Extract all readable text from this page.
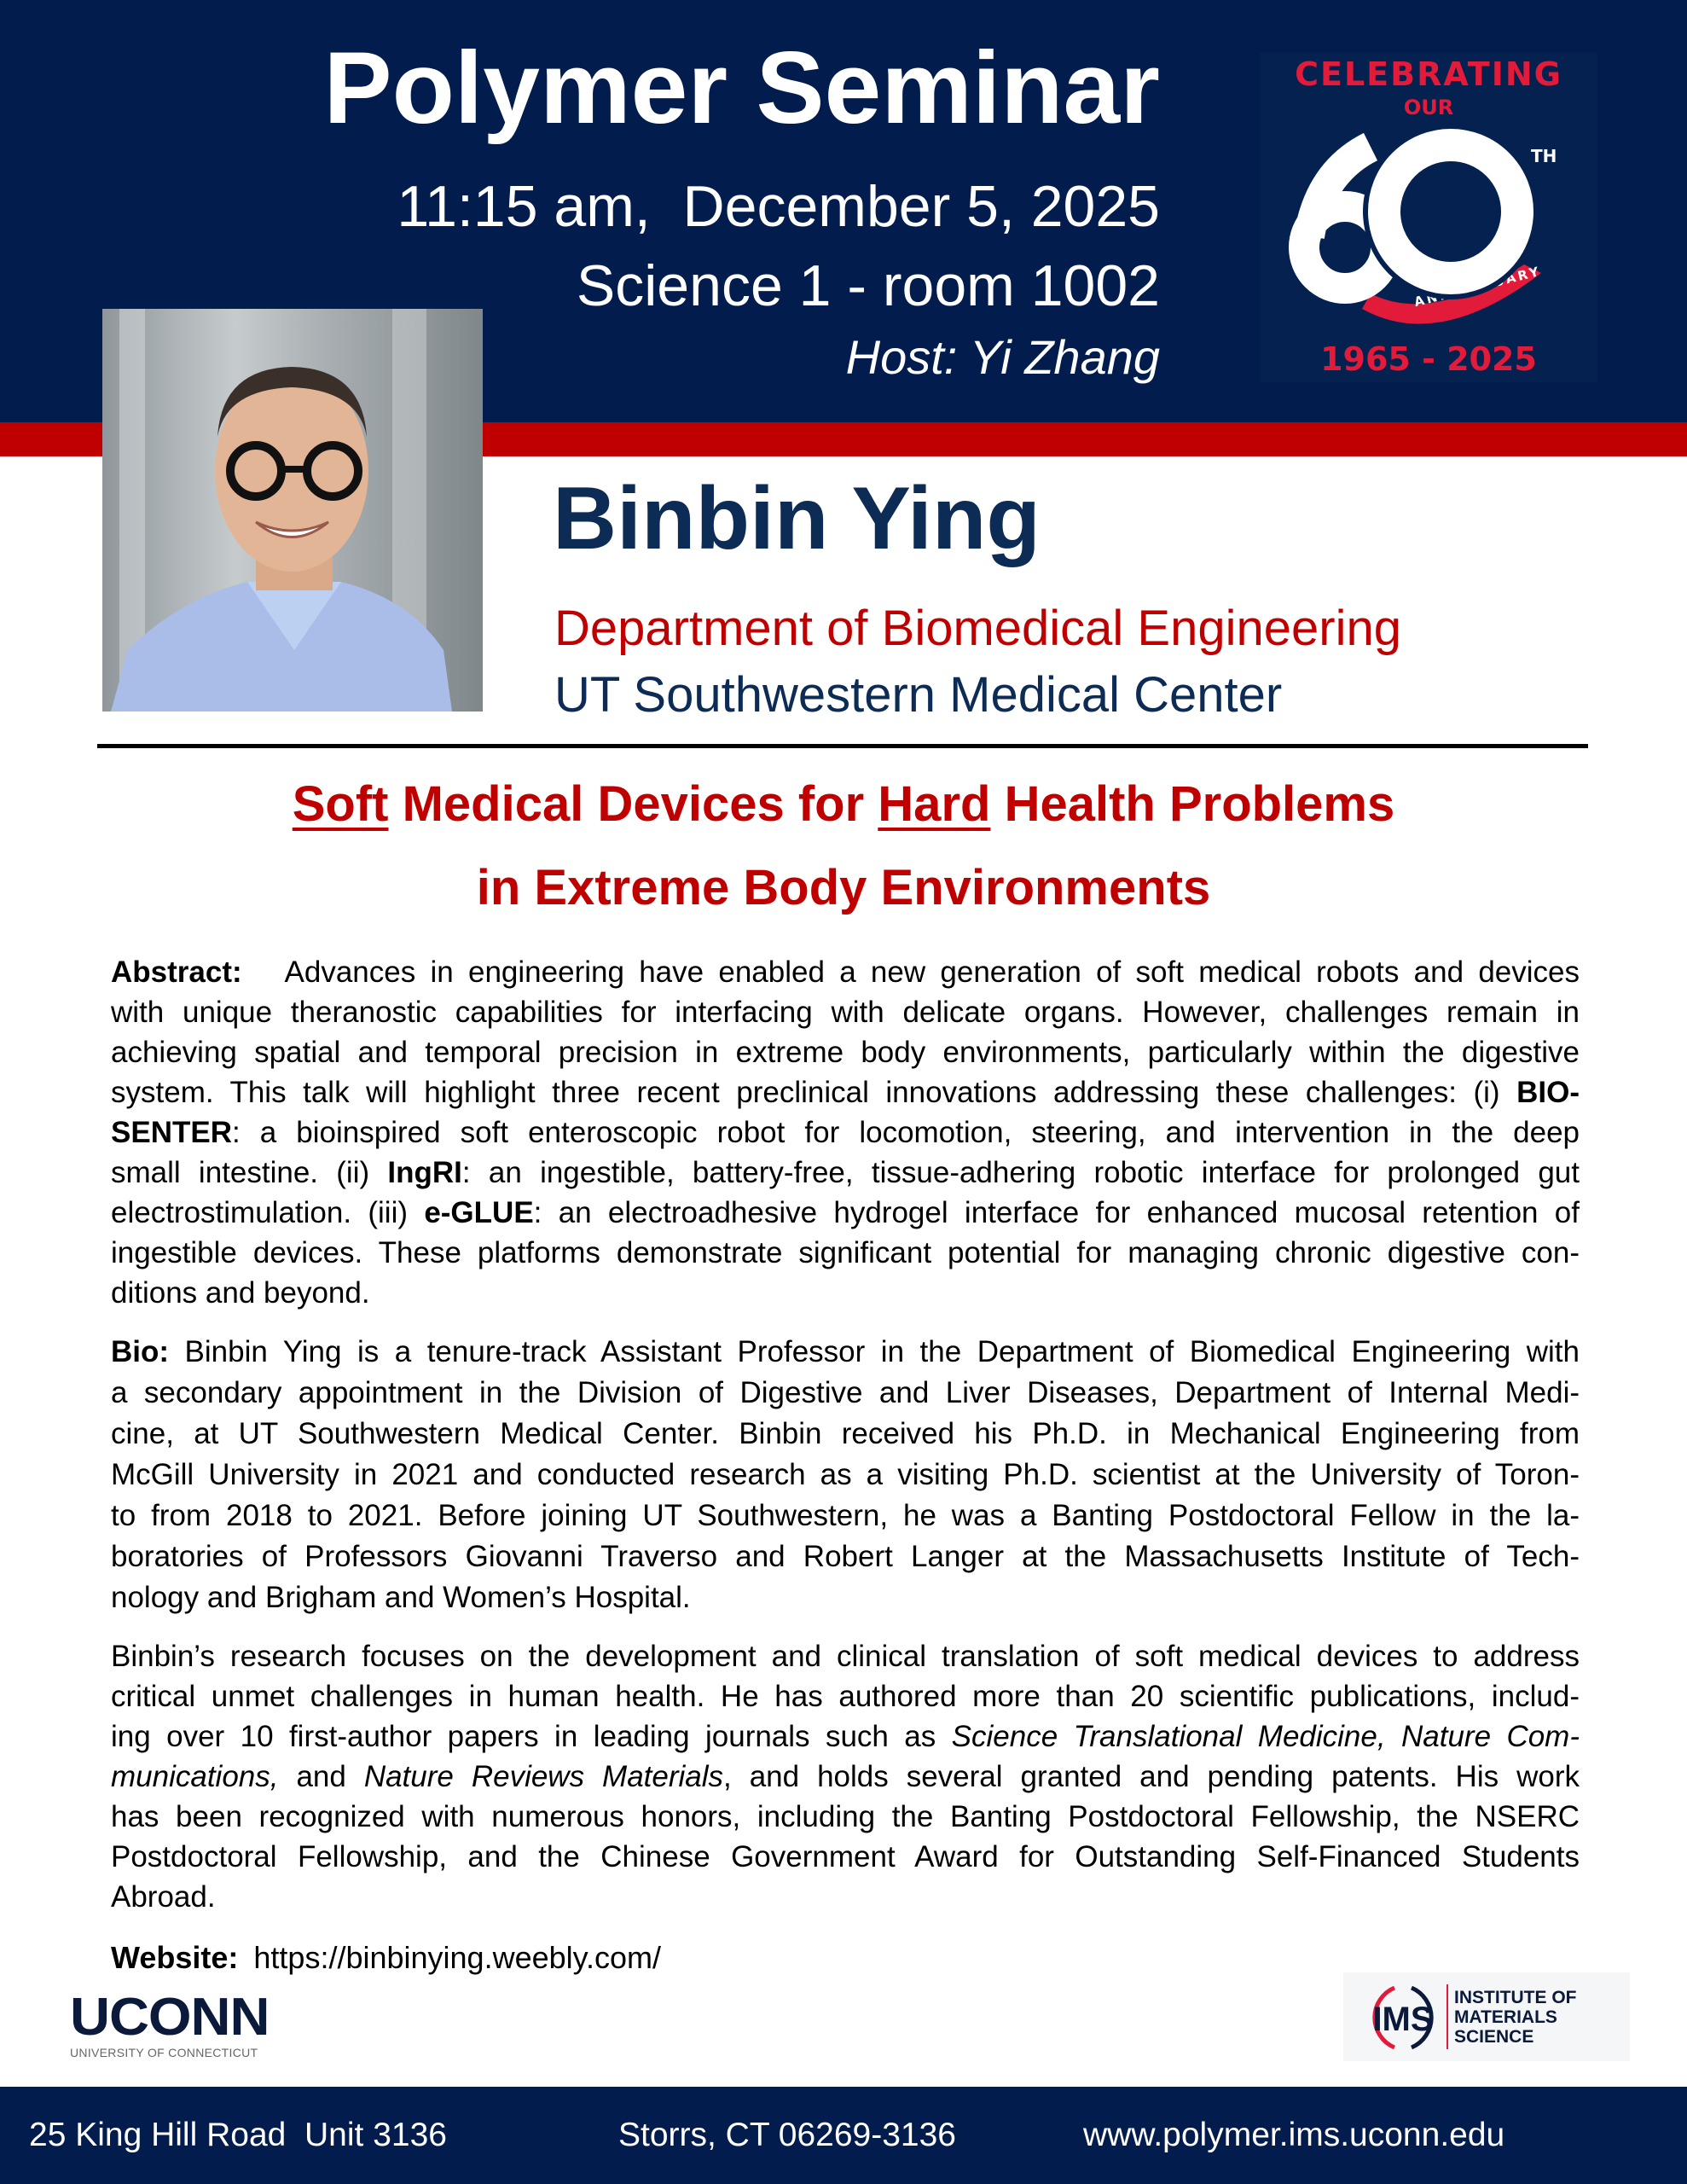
Polymer Seminar
11:15 am,  December 5, 2025
Science 1 - room 1002
Host: Yi Zhang
CELEBRATING
OUR
ANNIVERSARY
TH
1965 - 2025
Binbin Ying
Department of Biomedical Engineering
UT Southwestern Medical Center
Soft Medical Devices for Hard Health Problems
in Extreme Body Environments
Abstract:   Advances in engineering have enabled a new generation of soft medical robots and devices
with unique theranostic capabilities for interfacing with delicate organs. However, challenges remain in
achieving spatial and temporal precision in extreme body environments, particularly within the digestive
system. This talk will highlight three recent preclinical innovations addressing these challenges: (i) BIO-
SENTER: a bioinspired soft enteroscopic robot for locomotion, steering, and intervention in the deep
small intestine. (ii) IngRI: an ingestible, battery-free, tissue-adhering robotic interface for prolonged gut
electrostimulation. (iii) e-GLUE: an electroadhesive hydrogel interface for enhanced mucosal retention of
ingestible devices. These platforms demonstrate significant potential for managing chronic digestive con-
ditions and beyond.
Bio: Binbin Ying is a tenure-track Assistant Professor in the Department of Biomedical Engineering with
a secondary appointment in the Division of Digestive and Liver Diseases, Department of Internal Medi-
cine, at UT Southwestern Medical Center. Binbin received his Ph.D. in Mechanical Engineering from
McGill University in 2021 and conducted research as a visiting Ph.D. scientist at the University of Toron-
to from 2018 to 2021. Before joining UT Southwestern, he was a Banting Postdoctoral Fellow in the la-
boratories of Professors Giovanni Traverso and Robert Langer at the Massachusetts Institute of Tech-
nology and Brigham and Women’s Hospital.
Binbin’s research focuses on the development and clinical translation of soft medical devices to address
critical unmet challenges in human health. He has authored more than 20 scientific publications, includ-
ing over 10 first-author papers in leading journals such as Science Translational Medicine, Nature Com-
munications, and Nature Reviews Materials, and holds several granted and pending patents. His work
has been recognized with numerous honors, including the Banting Postdoctoral Fellowship, the NSERC
Postdoctoral Fellowship, and the Chinese Government Award for Outstanding Self-Financed Students
Abroad.
Website: https://binbinying.weebly.com/
UCONN
UNIVERSITY OF CONNECTICUT
IMS
INSTITUTE OF
MATERIALS
SCIENCE
25 King Hill Road  Unit 3136	Storrs, CT 06269-3136	www.polymer.ims.uconn.edu
